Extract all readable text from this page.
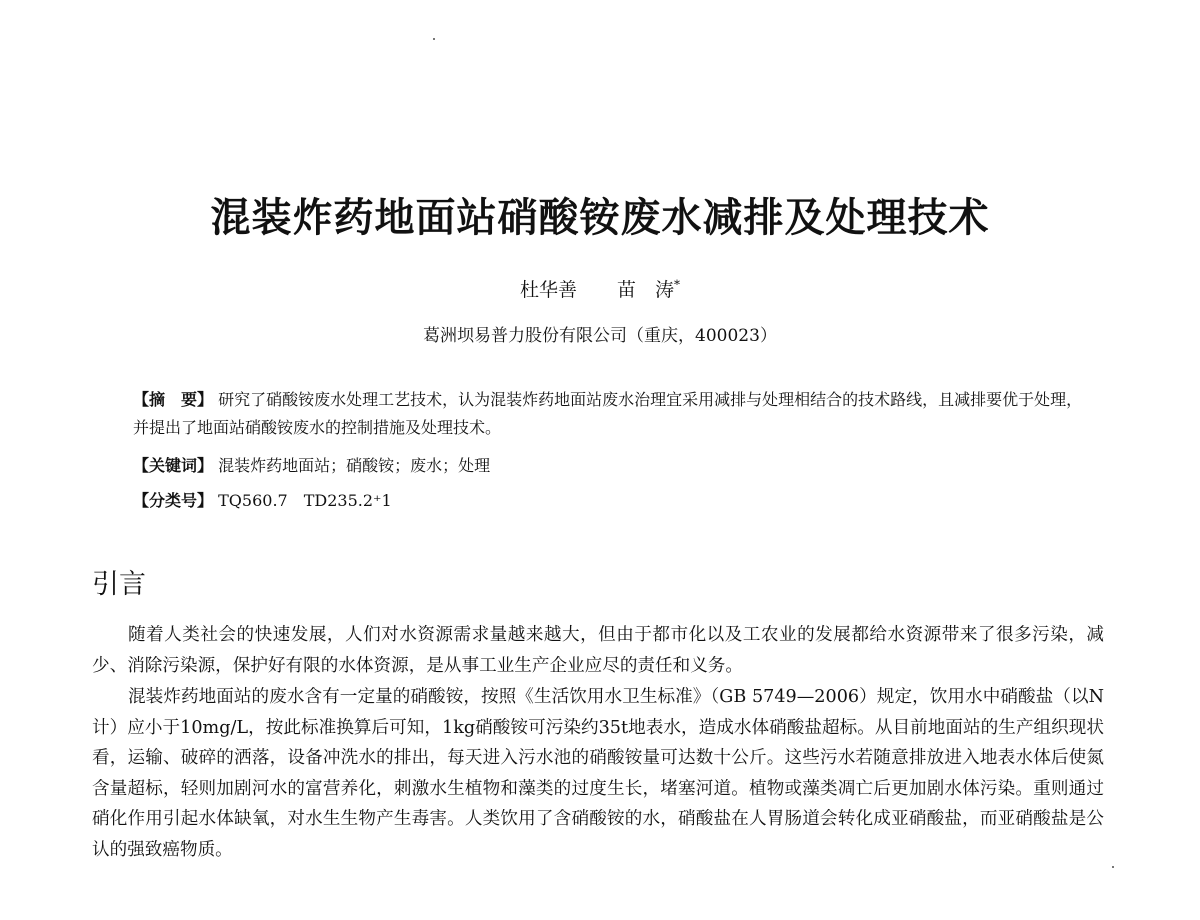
混装炸药地面站硝酸铵废水减排及处理技术
杜华善 苗　涛*
葛洲坝易普力股份有限公司（重庆，400023）
【摘　要】 研究了硝酸铵废水处理工艺技术，认为混装炸药地面站废水治理宜采用减排与处理相结合的技术路线，且减排要优于处理，并提出了地面站硝酸铵废水的控制措施及处理技术。
【关键词】 混装炸药地面站；硝酸铵；废水；处理
【分类号】 TQ560.7　TD235.2⁺1
引言

随着人类社会的快速发展，人们对水资源需求量越来越大，但由于都市化以及工农业的发展都给水资源带来了很多污染，减少、消除污染源，保护好有限的水体资源，是从事工业生产企业应尽的责任和义务。

混装炸药地面站的废水含有一定量的硝酸铵，按照《生活饮用水卫生标准》（GB 5749—2006）规定，饮用水中硝酸盐（以N计）应小于10mg/L，按此标准换算后可知，1kg硝酸铵可污染约35t地表水，造成水体硝酸盐超标。从目前地面站的生产组织现状看，运输、破碎的洒落，设备冲洗水的排出，每天进入污水池的硝酸铵量可达数十公斤。这些污水若随意排放进入地表水体后使氮含量超标，轻则加剧河水的富营养化，刺激水生植物和藻类的过度生长，堵塞河道。植物或藻类凋亡后更加剧水体污染。重则通过硝化作用引起水体缺氧，对水生生物产生毒害。人类饮用了含硝酸铵的水，硝酸盐在人胃肠道会转化成亚硝酸盐，而亚硝酸盐是公认的强致癌物质。
